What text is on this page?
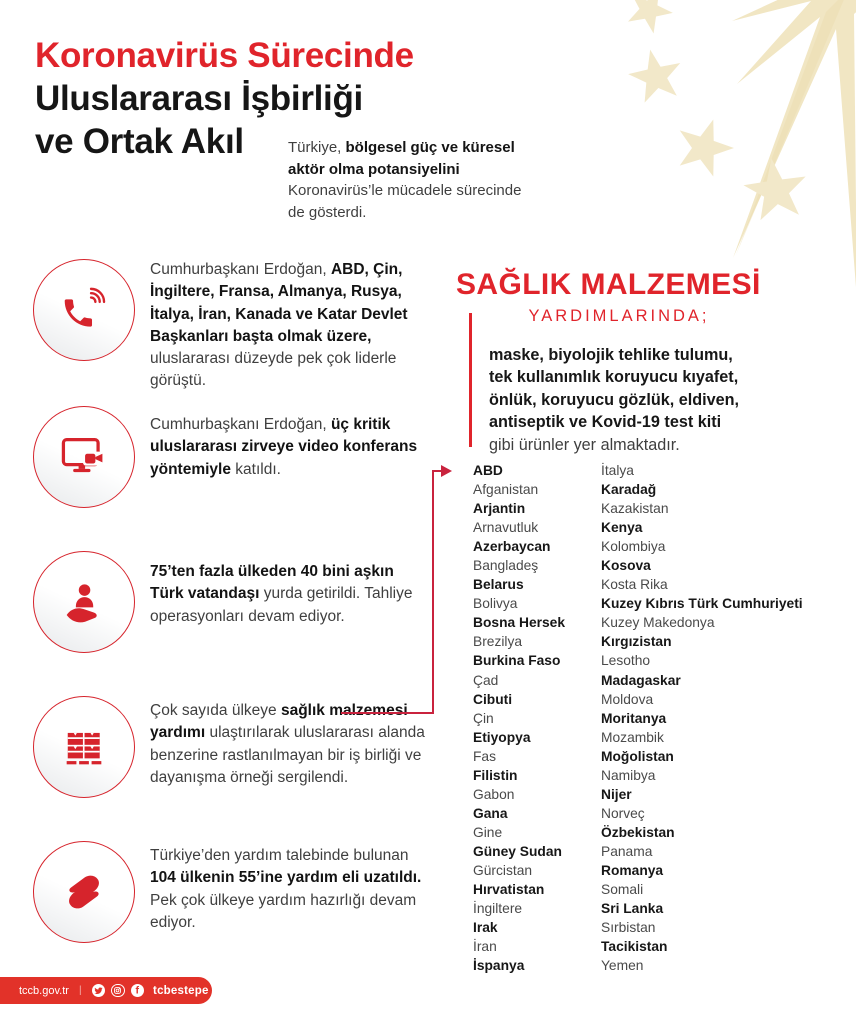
Koronavirüs Sürecinde
Uluslararası İşbirliği
ve Ortak Akıl	Türkiye, bölgesel güç ve küresel aktör olma potansiyelini Koronavirüs’le mücadele sürecinde de gösterdi.

Cumhurbaşkanı Erdoğan, ABD, Çin, İngiltere, Fransa, Almanya, Rusya, İtalya, İran, Kanada ve Katar Devlet Başkanları başta olmak üzere, uluslararası düzeyde pek çok liderle görüştü.

Cumhurbaşkanı Erdoğan, üç kritik uluslararası zirveye video konferans yöntemiyle katıldı.

75’ten fazla ülkeden 40 bini aşkın Türk vatandaşı yurda getirildi. Tahliye operasyonları devam ediyor.

Çok sayıda ülkeye sağlık malzemesi yardımı ulaştırılarak uluslararası alanda benzerine rastlanılmayan bir iş birliği ve dayanışma örneği sergilendi.

Türkiye’den yardım talebinde bulunan 104 ülkenin 55’ine yardım eli uzatıldı. Pek çok ülkeye yardım hazırlığı devam ediyor.

SAĞLIK MALZEMESİ
YARDIMLARINDA;
maske, biyolojik tehlike tulumu,
tek kullanımlık koruyucu kıyafet,
önlük, koruyucu gözlük, eldiven,
antiseptik ve Kovid-19 test kiti
gibi ürünler yer almaktadır.
ABD
Afganistan
Arjantin
Arnavutluk
Azerbaycan
Bangladeş
Belarus
Bolivya
Bosna Hersek
Brezilya
Burkina Faso
Çad
Cibuti
Çin
Etiyopya
Fas
Filistin
Gabon
Gana
Gine
Güney Sudan
Gürcistan
Hırvatistan
İngiltere
Irak
İran
İspanya
İtalya
Karadağ
Kazakistan
Kenya
Kolombiya
Kosova
Kosta Rika
Kuzey Kıbrıs Türk Cumhuriyeti
Kuzey Makedonya
Kırgızistan
Lesotho
Madagaskar
Moldova
Moritanya
Mozambik
Moğolistan
Namibya
Nijer
Norveç
Özbekistan
Panama
Romanya
Somali
Sri Lanka
Sırbistan
Tacikistan
Yemen
tccb.gov.tr |	f tcbestepe
